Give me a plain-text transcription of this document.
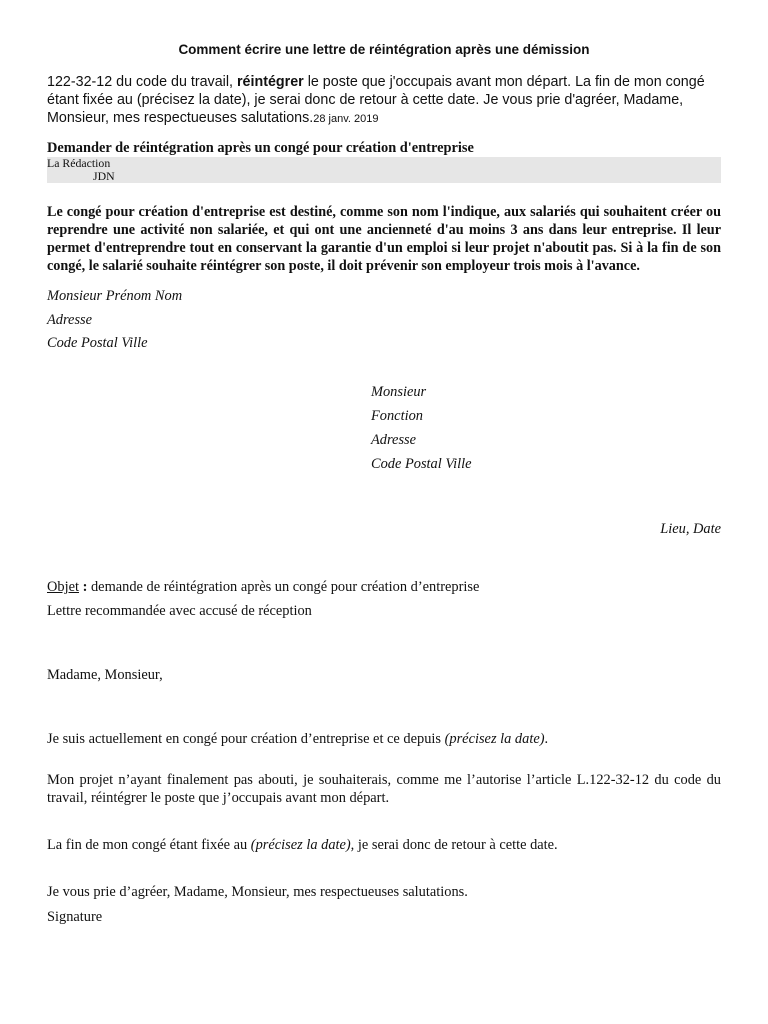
Comment écrire une lettre de réintégration après une démission
122-32-12 du code du travail, réintégrer le poste que j'occupais avant mon départ. La fin de mon congé étant fixée au (précisez la date), je serai donc de retour à cette date. Je vous prie d'agréer, Madame, Monsieur, mes respectueuses salutations.28 janv. 2019
Demander de réintégration après un congé pour création d'entreprise
La Rédaction
JDN
Le congé pour création d'entreprise est destiné, comme son nom l'indique, aux salariés qui souhaitent créer ou reprendre une activité non salariée, et qui ont une ancienneté d'au moins 3 ans dans leur entreprise. Il leur permet d'entreprendre tout en conservant la garantie d'un emploi si leur projet n'aboutit pas. Si à la fin de son congé, le salarié souhaite réintégrer son poste, il doit prévenir son employeur trois mois à l'avance.
Monsieur Prénom Nom
Adresse
Code Postal Ville
Monsieur
Fonction
Adresse
Code Postal Ville
Lieu, Date
Objet : demande de réintégration après un congé pour création d’entreprise
Lettre recommandée avec accusé de réception
Madame, Monsieur,
Je suis actuellement en congé pour création d’entreprise et ce depuis (précisez la date).
Mon projet n’ayant finalement pas abouti, je souhaiterais, comme me l’autorise l’article L.122-32-12 du code du travail, réintégrer le poste que j’occupais avant mon départ.
La fin de mon congé étant fixée au (précisez la date), je serai donc de retour à cette date.
Je vous prie d’agréer, Madame, Monsieur, mes respectueuses salutations.
Signature
